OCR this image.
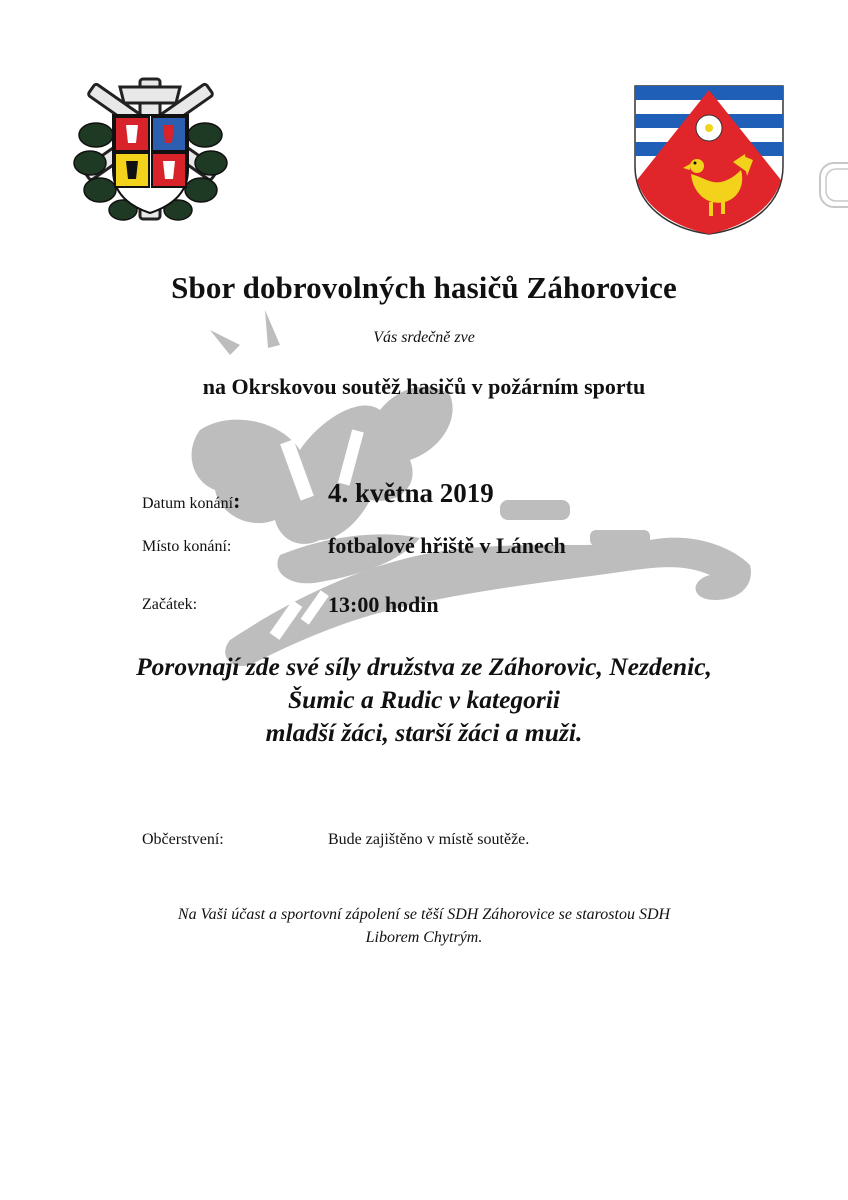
Sbor dobrovolných hasičů Záhorovice
Vás srdečně zve
na Okrskovou soutěž hasičů v požárním sportu
Datum konání:	4. května 2019
Místo konání:	fotbalové hřiště v Lánech
Začátek:	13:00 hodin
Porovnají zde své síly družstva ze Záhorovic, Nezdenic,
Šumic a Rudic v kategorii
mladší žáci, starší žáci a muži.
Občerstvení:	Bude zajištěno v místě soutěže.
Na Vaši účast a sportovní zápolení se těší SDH Záhorovice se starostou SDH
Liborem Chytrým.
